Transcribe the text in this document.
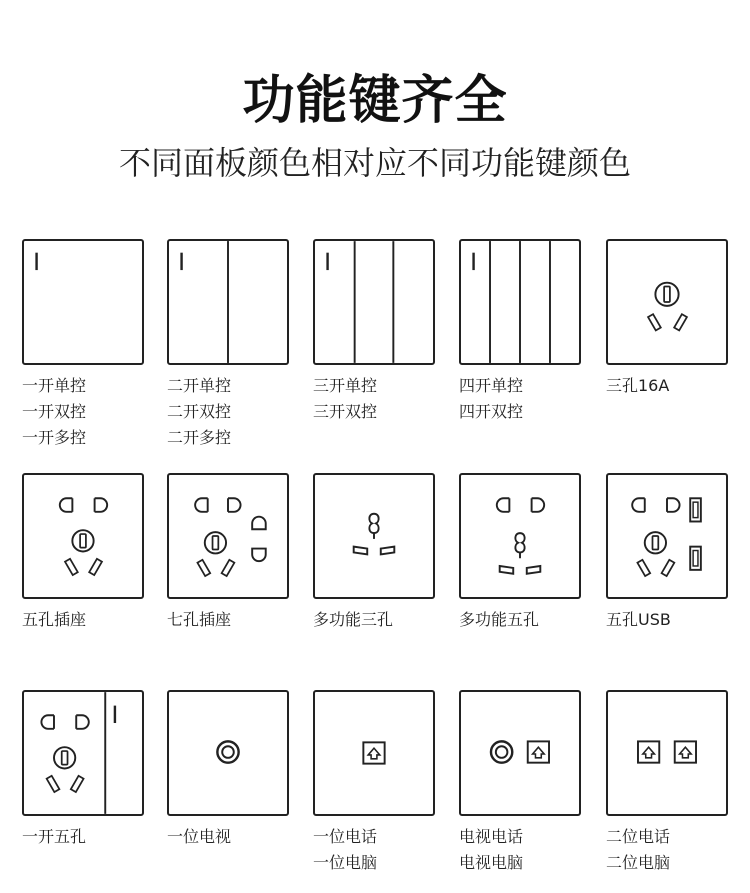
功能键齐全
不同面板颜色相对应不同功能键颜色
一开单控
一开双控
一开多控
二开单控
二开双控
二开多控
三开单控
三开双控
四开单控
四开双控
三孔16A
五孔插座	七孔插座	多功能三孔	多功能五孔	五孔USB
一开五孔	一位电视	一位电话
一位电脑
电视电话
电视电脑
二位电话
二位电脑
